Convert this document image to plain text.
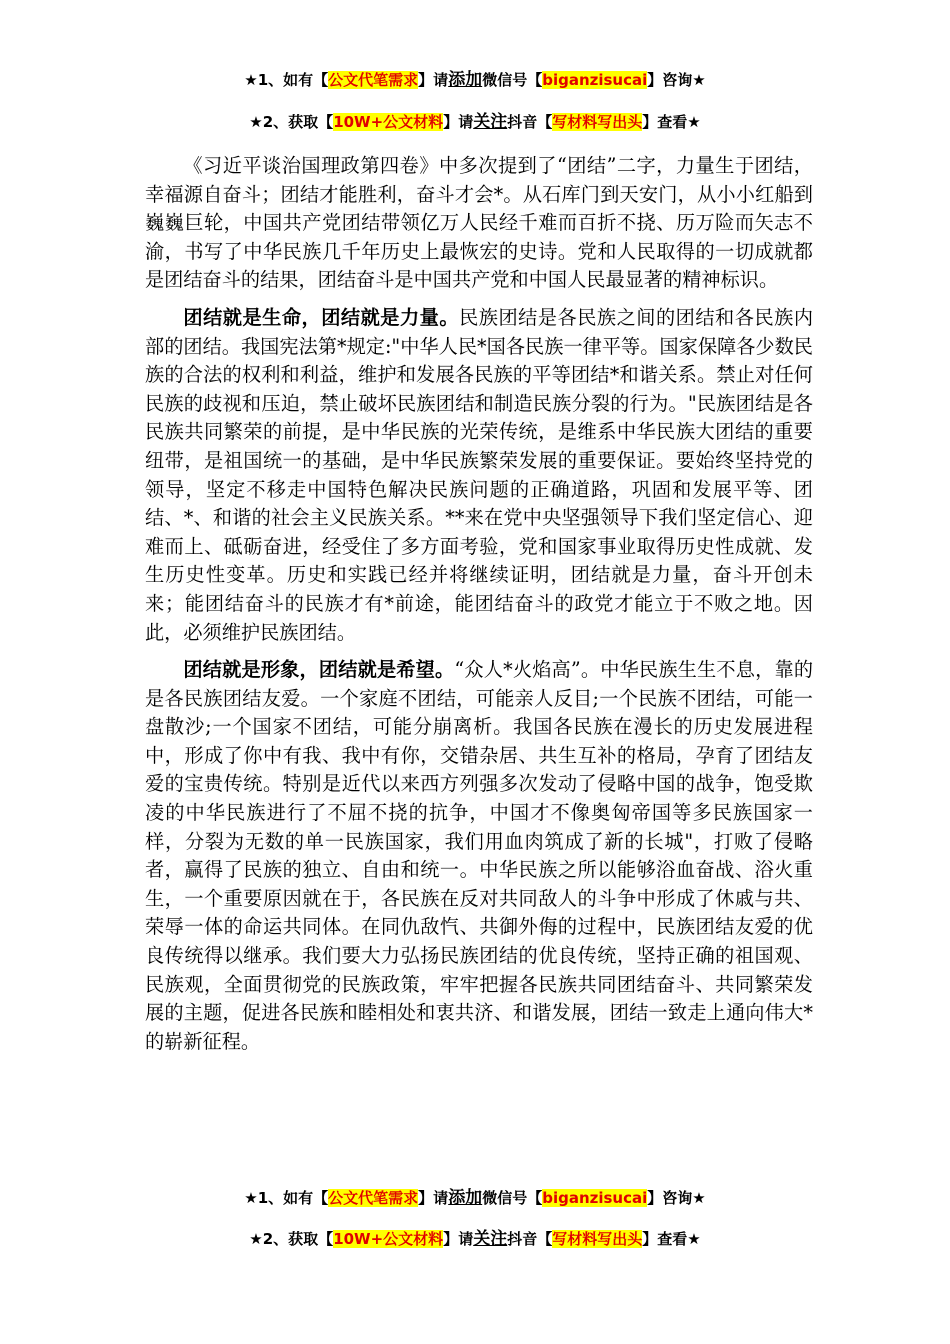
★1、如有【公文代笔需求】请添加微信号【biganzisucai】咨询★
★2、获取【10W+公文材料】请关注抖音【写材料写出头】查看★

《习近平谈治国理政第四卷》中多次提到了“团结”二字，力量生于团结，幸福源自奋斗；团结才能胜利，奋斗才会*。从石库门到天安门，从小小红船到巍巍巨轮，中国共产党团结带领亿万人民经千难而百折不挠、历万险而矢志不渝，书写了中华民族几千年历史上最恢宏的史诗。党和人民取得的一切成就都是团结奋斗的结果，团结奋斗是中国共产党和中国人民最显著的精神标识。

团结就是生命，团结就是力量。民族团结是各民族之间的团结和各民族内部的团结。我国宪法第*规定:"中华人民*国各民族一律平等。国家保障各少数民族的合法的权利和利益，维护和发展各民族的平等团结*和谐关系。禁止对任何民族的歧视和压迫，禁止破坏民族团结和制造民族分裂的行为。"民族团结是各民族共同繁荣的前提，是中华民族的光荣传统，是维系中华民族大团结的重要纽带，是祖国统一的基础，是中华民族繁荣发展的重要保证。要始终坚持党的领导，坚定不移走中国特色解决民族问题的正确道路，巩固和发展平等、团结、*、和谐的社会主义民族关系。**来在党中央坚强领导下我们坚定信心、迎难而上、砥砺奋进，经受住了多方面考验，党和国家事业取得历史性成就、发生历史性变革。历史和实践已经并将继续证明，团结就是力量，奋斗开创未来；能团结奋斗的民族才有*前途，能团结奋斗的政党才能立于不败之地。因此，必须维护民族团结。

团结就是形象，团结就是希望。“众人*火焰高”。中华民族生生不息，靠的是各民族团结友爱。一个家庭不团结，可能亲人反目;一个民族不团结，可能一盘散沙;一个国家不团结，可能分崩离析。我国各民族在漫长的历史发展进程中，形成了你中有我、我中有你，交错杂居、共生互补的格局，孕育了团结友爱的宝贵传统。特别是近代以来西方列强多次发动了侵略中国的战争，饱受欺凌的中华民族进行了不屈不挠的抗争，中国才不像奥匈帝国等多民族国家一样，分裂为无数的单一民族国家，我们用血肉筑成了新的长城"，打败了侵略者，赢得了民族的独立、自由和统一。中华民族之所以能够浴血奋战、浴火重生，一个重要原因就在于，各民族在反对共同敌人的斗争中形成了休戚与共、荣辱一体的命运共同体。在同仇敌忾、共御外侮的过程中，民族团结友爱的优良传统得以继承。我们要大力弘扬民族团结的优良传统，坚持正确的祖国观、民族观，全面贯彻党的民族政策，牢牢把握各民族共同团结奋斗、共同繁荣发展的主题，促进各民族和睦相处和衷共济、和谐发展，团结一致走上通向伟大*的崭新征程。

★1、如有【公文代笔需求】请添加微信号【biganzisucai】咨询★
★2、获取【10W+公文材料】请关注抖音【写材料写出头】查看★
